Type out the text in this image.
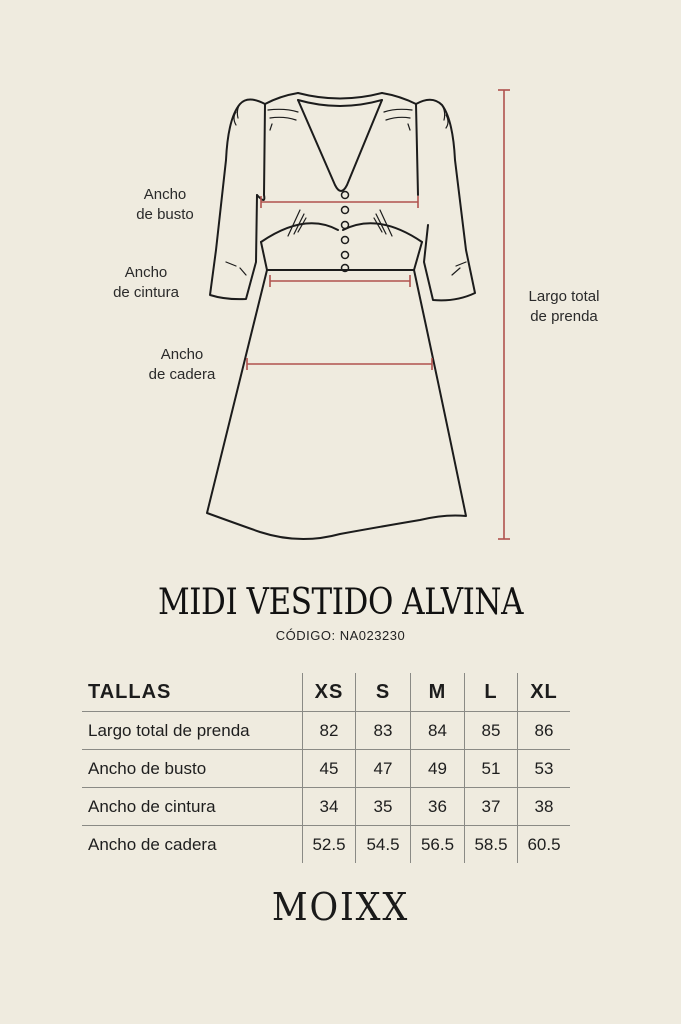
Ancho
de busto

Ancho
de cintura

Ancho
de cadera

Largo total
de prenda

MIDI VESTIDO ALVINA
CÓDIGO: NA023230
TALLAS	XS	S	M	L	XL
Largo total de prenda	82	83	84	85	86
Ancho de busto	45	47	49	51	53
Ancho de cintura	34	35	36	37	38
Ancho de cadera	52.5	54.5	56.5	58.5	60.5
MOIXX
